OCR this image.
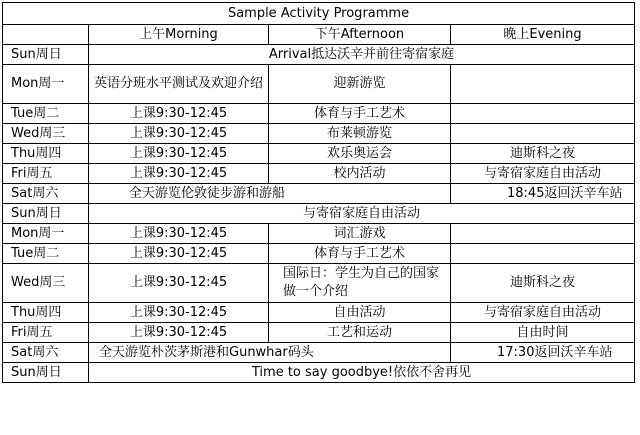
Sample Activity Programme			
	上午Morning	下午Afternoon	晚上Evening
Sun周日	Arrival抵达沃辛并前往寄宿家庭		
Mon周一	英语分班水平测试及欢迎介绍	迎新游览	
Tue周二	上课9:30-12:45	体育与手工艺术	
Wed周三	上课9:30-12:45	布莱顿游览	
Thu周四	上课9:30-12:45	欢乐奥运会	迪斯科之夜
Fri周五	上课9:30-12:45	校内活动	与寄宿家庭自由活动
Sat周六	全天游览伦敦徒步游和游船		18:45返回沃辛车站
Sun周日	与寄宿家庭自由活动		
Mon周一	上课9:30-12:45	词汇游戏	
Tue周二	上课9:30-12:45	体育与手工艺术	
Wed周三	上课9:30-12:45	国际日：学生为自己的国家做一个介绍	迪斯科之夜
Thu周四	上课9:30-12:45	自由活动	与寄宿家庭自由活动
Fri周五	上课9:30-12:45	工艺和运动	自由时间
Sat周六	全天游览朴茨茅斯港和Gunwhar码头		17:30返回沃辛车站
Sun周日	Time to say goodbye!依依不舍再见		
